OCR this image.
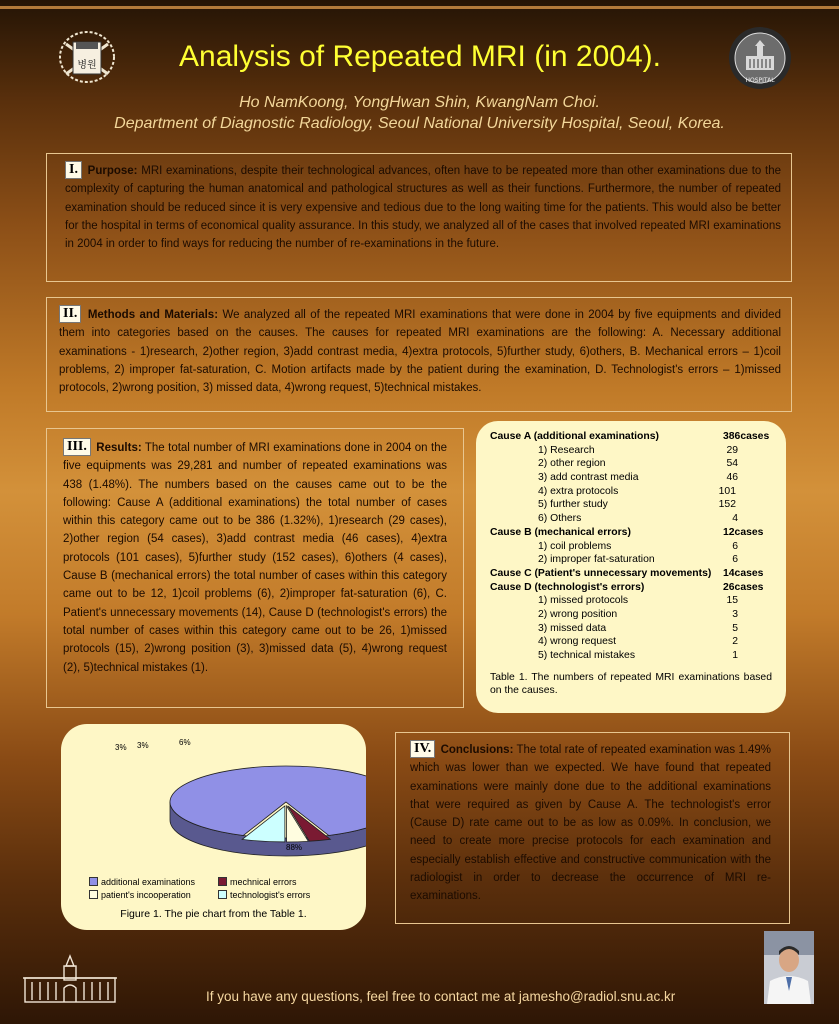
병원	Analysis of Repeated MRI (in 2004).
HOSPITAL
Ho NamKoong, YongHwan Shin, KwangNam Choi.
Department of Diagnostic Radiology, Seoul National University Hospital, Seoul, Korea.

I. Purpose: MRI examinations, despite their technological advances, often have to be repeated more than other examinations due to the complexity of capturing the human anatomical and pathological structures as well as their functions. Furthermore, the number of repeated examination should be reduced since it is very expensive and tedious due to the long waiting time for the patients. This would also be better for the hospital in terms of economical quality assurance. In this study, we analyzed all of the cases that involved repeated MRI examinations in 2004 in order to find ways for reducing the number of re-examinations in the future.

II. Methods and Materials: We analyzed all of the repeated MRI examinations that were done in 2004 by five equipments and divided them into categories based on the causes. The causes for repeated MRI examinations are the following: A. Necessary additional examinations - 1)research, 2)other region, 3)add contrast media, 4)extra protocols, 5)further study, 6)others, B. Mechanical errors – 1)coil problems, 2) improper fat-saturation, C. Motion artifacts made by the patient during the examination, D. Technologist's errors – 1)missed protocols, 2)wrong position, 3) missed data, 4)wrong request, 5)technical mistakes.

III. Results: The total number of MRI examinations done in 2004 on the five equipments was 29,281 and number of repeated examinations was 438 (1.48%). The numbers based on the causes came out to be the following: Cause A (additional examinations) the total number of cases within this category came out to be 386 (1.32%), 1)research (29 cases), 2)other region (54 cases), 3)add contrast media (46 cases), 4)extra protocols (101 cases), 5)further study (152 cases), 6)others (4 cases), Cause B (mechanical errors) the total number of cases within this category came out to be 12, 1)coil problems (6), 2)improper fat-saturation (6), C. Patient's unnecessary movements (14), Cause D (technologist's errors) the total number of cases within this category came out to be 26, 1)missed protocols (15), 2)wrong position (3), 3)missed data (5), 4)wrong request (2), 5)technical mistakes (1).

Cause A (additional examinations)	386cases
1) Research	29
2) other region	54
3) add contrast media	46
4) extra protocols	101
5) further study	152
6) Others	4
Cause B (mechanical errors)	12cases
1) coil problems	6
2) improper fat-saturation	6
Cause C (Patient's unnecessary movements) 14cases
Cause D (technologist's errors)	26cases
1) missed protocols	15
2) wrong position	3
3) missed data	5
4) wrong request	2
5) technical mistakes	1
Table 1. The numbers of repeated MRI examinations based on the causes.
88%
3% 3%	6%
additional examinations	mechnical errors
patient's incooperation	technologist's errors
Figure 1. The pie chart from the Table 1.

IV. Conclusions: The total rate of repeated examination was 1.49% which was lower than we expected. We have found that repeated examinations were mainly done due to the additional examinations that were required as given by Cause A. The technologist's error (Cause D) rate came out to be as low as 0.09%. In conclusion, we need to create more precise protocols for each examination and especially establish effective and constructive communication with the radiologist in order to decrease the occurrence of MRI re-examinations.

If you have any questions, feel free to contact me at jamesho@radiol.snu.ac.kr
